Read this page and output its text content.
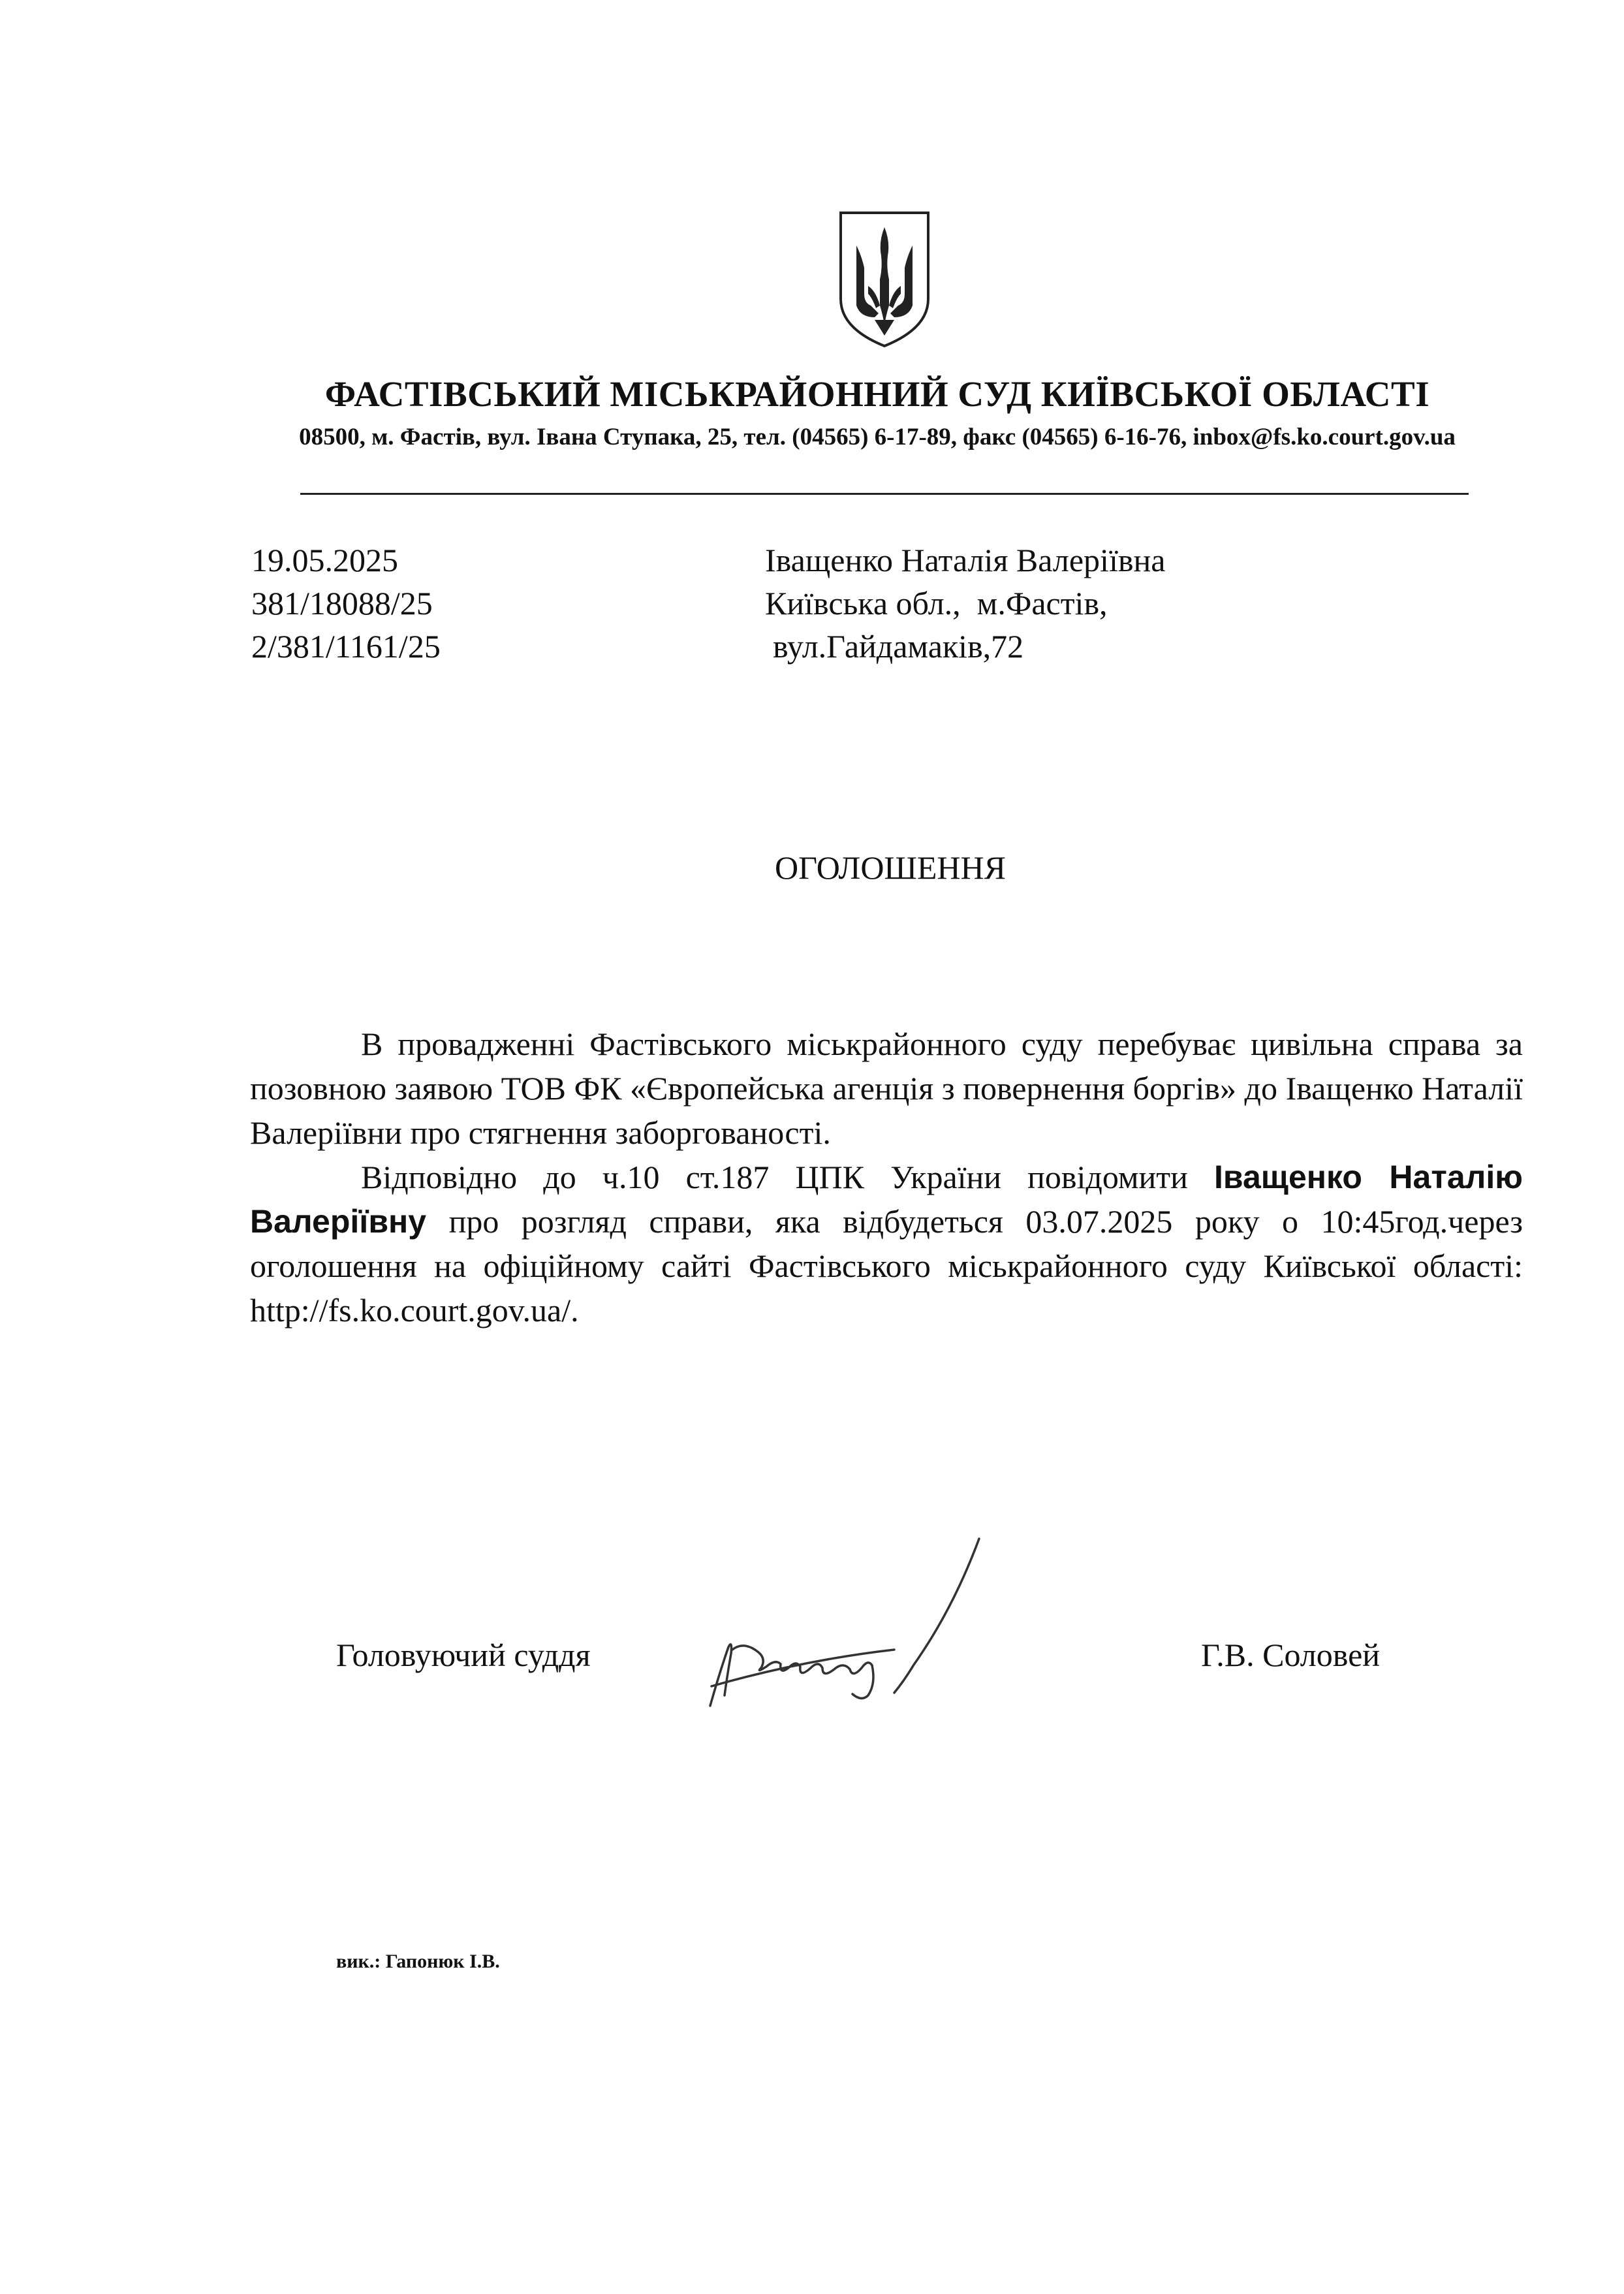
ФАСТІВСЬКИЙ МІСЬКРАЙОННИЙ СУД КИЇВСЬКОЇ ОБЛАСТІ
08500, м. Фастів, вул. Івана Ступака, 25, тел. (04565) 6-17-89, факс (04565) 6-16-76, inbox@fs.ko.court.gov.ua
19.05.2025
381/18088/25
2/381/1161/25
Іващенко Наталія Валеріївна
Київська обл.,  м.Фастів,
вул.Гайдамаків,72
ОГОЛОШЕННЯ

В провадженні Фастівського міськрайонного суду перебуває цивільна справа за позовною заявою ТОВ ФК «Європейська агенція з повернення боргів» до Іващенко Наталії Валеріївни про стягнення заборгованості.

Відповідно до ч.10 ст.187 ЦПК України повідомити Іващенко Наталію Валеріївну про розгляд справи, яка відбудеться 03.07.2025 року о 10:45год.через оголошення на офіційному сайті Фастівського міськрайонного суду Київської області: http://fs.ko.court.gov.ua/.

Головуючий суддя	Г.В. Соловей
вик.: Гапонюк І.В.
